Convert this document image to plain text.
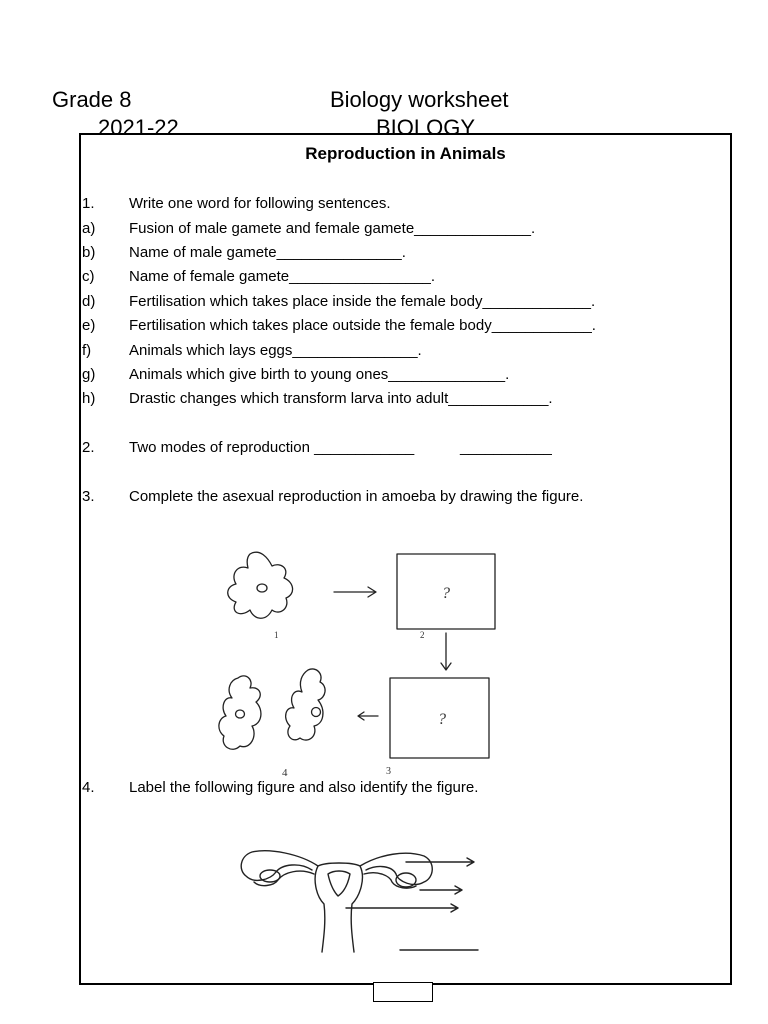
Grade 8
2021-22
Biology worksheet
BIOLOGY
Reproduction in Animals
1. Write one word for following sentences.
a) Fusion of male gamete and female gamete______________.
b) Name of male gamete_______________.
c) Name of female gamete_________________.
d) Fertilisation which takes place inside the female body_____________.
e) Fertilisation which takes place outside the female body____________.
f)	Animals which lays eggs_______________.
g) Animals which give birth to young ones______________.
h) Drastic changes which transform larva into adult____________.
2. Two modes of reproduction ____________           ___________
3. Complete the asexual reproduction in amoeba by drawing the figure.
4. Label the following figure and also identify the figure.
?
?
1	2
3
4
